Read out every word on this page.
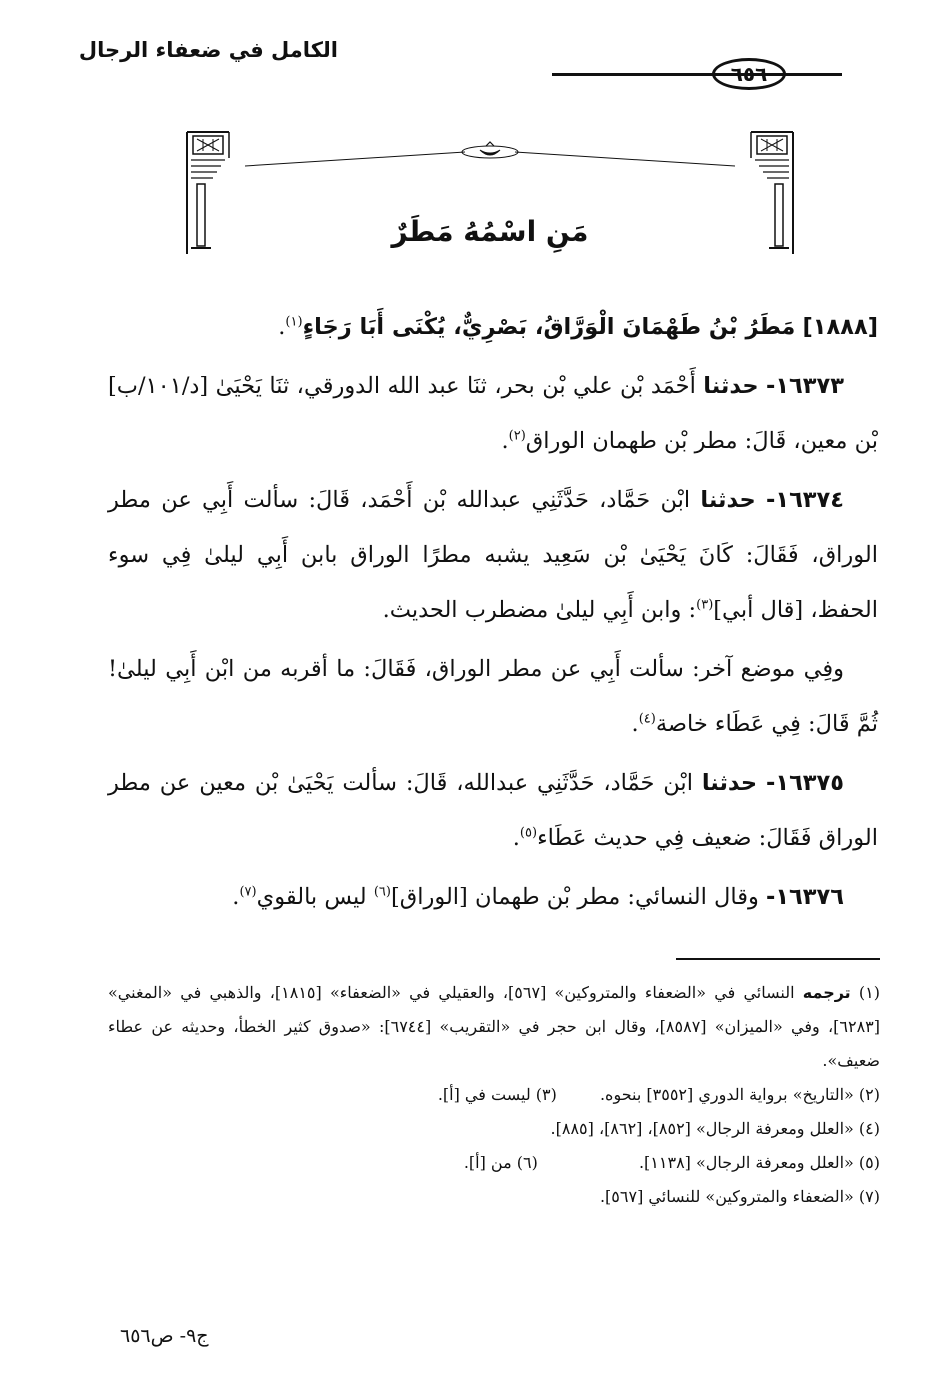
الكامل في ضعفاء الرجال
٦٥٦
مَنِ اسْمُهُ مَطَرٌ

[١٨٨٨] مَطَرُ بْنُ طَهْمَانَ الْوَرَّاقُ، بَصْرِيٌّ، يُكْنَى أَبَا رَجَاءٍ$^{(١)}$.

١٦٣٧٣- حدثنا أَحْمَد بْن علي بْن بحر، ثنَا عبد الله الدورقي، ثنَا يَحْيَىٰ [د/١٠١/ب] بْن معين، قَالَ: مطر بْن طهمان الوراق$^{(٢)}$.

١٦٣٧٤- حدثنا ابْن حَمَّاد، حَدَّثَنِي عبدالله بْن أَحْمَد، قَالَ: سألت أَبِي عن مطر الوراق، فَقَالَ: كَانَ يَحْيَىٰ بْن سَعِيد يشبه مطرًا الوراق بابن أَبِي ليلىٰ فِي سوء الحفظ، [قال أبي]$^{(٣)}$: وابن أَبِي ليلىٰ مضطرب الحديث.

وفِي موضع آخر: سألت أَبِي عن مطر الوراق، فَقَالَ: ما أقربه من ابْن أَبِي ليلىٰ! ثُمَّ قَالَ: فِي عَطَاء خاصة$^{(٤)}$.

١٦٣٧٥- حدثنا ابْن حَمَّاد، حَدَّثَنِي عبدالله، قَالَ: سألت يَحْيَىٰ بْن معين عن مطر الوراق فَقَالَ: ضعيف فِي حديث عَطَاء$^{(٥)}$.

١٦٣٧٦- وقال النسائي: مطر بْن طهمان [الوراق]$^{(٦)}$ ليس بالقوي$^{(٧)}$.

(١) ترجمه النسائي في «الضعفاء والمتروكين» [٥٦٧]، والعقيلي في «الضعفاء» [١٨١٥]، والذهبي في «المغني» [٦٢٨٣]، وفي «الميزان» [٨٥٨٧]، وقال ابن حجر في «التقريب» [٦٧٤٤]: «صدوق كثير الخطأ، وحديثه عن عطاء ضعيف».

(٢) «التاريخ» برواية الدوري [٣٥٥٢] بنحوه. (٣) ليست في [أ].

(٤) «العلل ومعرفة الرجال» [٨٥٢]، [٨٦٢]، [٨٨٥].

(٥) «العلل ومعرفة الرجال» [١١٣٨]. (٦) من [أ].

(٧) «الضعفاء والمتروكين» للنسائي [٥٦٧].

ج٩- ص٦٥٦
